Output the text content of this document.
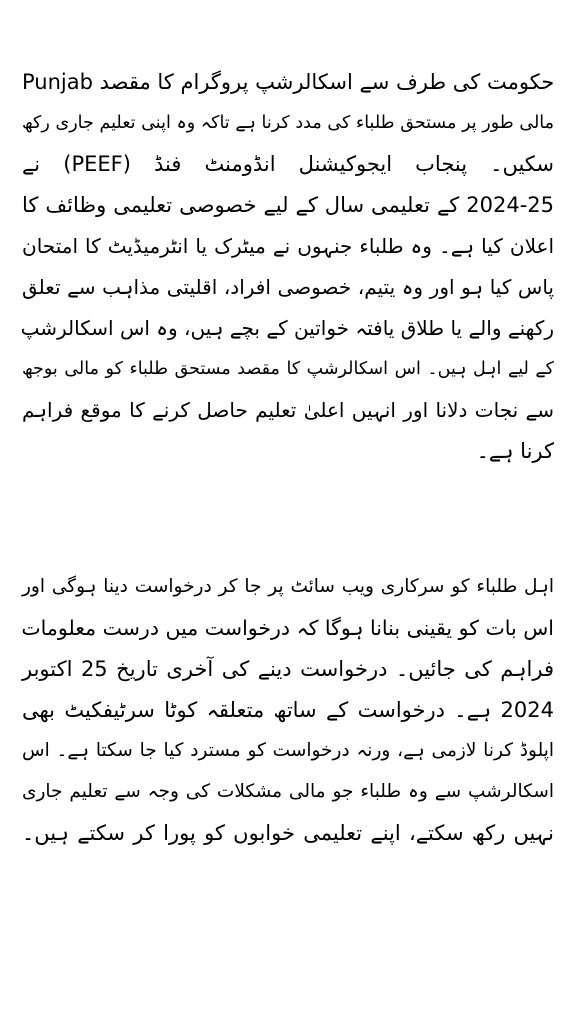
Punjab حکومت کی طرف سے اسکالرشپ پروگرام کا مقصد
مالی طور پر مستحق طلباء کی مدد کرنا ہے تاکہ وہ اپنی تعلیم جاری رکھ
سکیں۔ پنجاب ایجوکیشنل انڈومنٹ فنڈ (PEEF) نے
2024-25 کے تعلیمی سال کے لیے خصوصی تعلیمی وظائف کا
اعلان کیا ہے۔ وہ طلباء جنہوں نے میٹرک یا انٹرمیڈیٹ کا امتحان
پاس کیا ہو اور وہ یتیم، خصوصی افراد، اقلیتی مذاہب سے تعلق
رکھنے والے یا طلاق یافتہ خواتین کے بچے ہیں، وہ اس اسکالرشپ
کے لیے اہل ہیں۔ اس اسکالرشپ کا مقصد مستحق طلباء کو مالی بوجھ
سے نجات دلانا اور انہیں اعلیٰ تعلیم حاصل کرنے کا موقع فراہم
کرنا ہے۔
اہل طلباء کو سرکاری ویب سائٹ پر جا کر درخواست دینا ہوگی اور
اس بات کو یقینی بنانا ہوگا کہ درخواست میں درست معلومات
فراہم کی جائیں۔ درخواست دینے کی آخری تاریخ 25 اکتوبر
2024 ہے۔ درخواست کے ساتھ متعلقہ کوٹا سرٹیفکیٹ بھی
اپلوڈ کرنا لازمی ہے، ورنہ درخواست کو مسترد کیا جا سکتا ہے۔ اس
اسکالرشپ سے وہ طلباء جو مالی مشکلات کی وجہ سے تعلیم جاری
نہیں رکھ سکتے، اپنے تعلیمی خوابوں کو پورا کر سکتے ہیں۔
